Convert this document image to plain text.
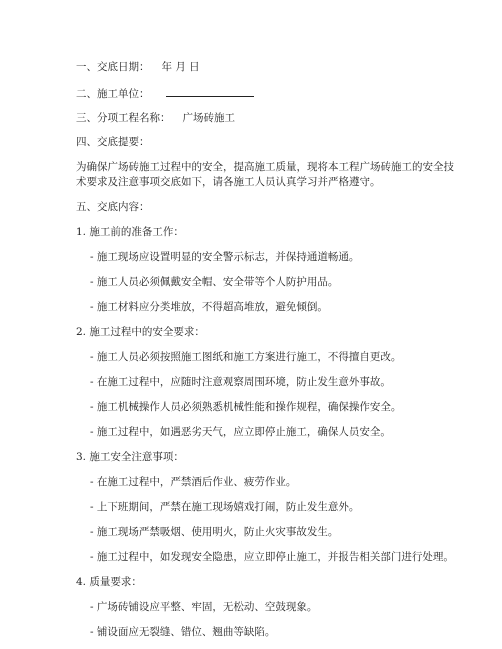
一、交底日期： 年 月 日
二、施工单位：
三、分项工程名称： 广场砖施工
四、交底提要：
为确保广场砖施工过程中的安全，提高施工质量，现将本工程广场砖施工的安全技
术要求及注意事项交底如下，请各施工人员认真学习并严格遵守。
五、交底内容：
1. 施工前的准备工作：
- 施工现场应设置明显的安全警示标志，并保持通道畅通。
- 施工人员必须佩戴安全帽、安全带等个人防护用品。
- 施工材料应分类堆放，不得超高堆放，避免倾倒。
2. 施工过程中的安全要求：
- 施工人员必须按照施工图纸和施工方案进行施工，不得擅自更改。
- 在施工过程中，应随时注意观察周围环境，防止发生意外事故。
- 施工机械操作人员必须熟悉机械性能和操作规程，确保操作安全。
- 施工过程中，如遇恶劣天气，应立即停止施工，确保人员安全。
3. 施工安全注意事项：
- 在施工过程中，严禁酒后作业、疲劳作业。
- 上下班期间，严禁在施工现场嬉戏打闹，防止发生意外。
- 施工现场严禁吸烟、使用明火，防止火灾事故发生。
- 施工过程中，如发现安全隐患，应立即停止施工，并报告相关部门进行处理。
4. 质量要求：
- 广场砖铺设应平整、牢固，无松动、空鼓现象。
- 铺设面应无裂缝、错位、翘曲等缺陷。
